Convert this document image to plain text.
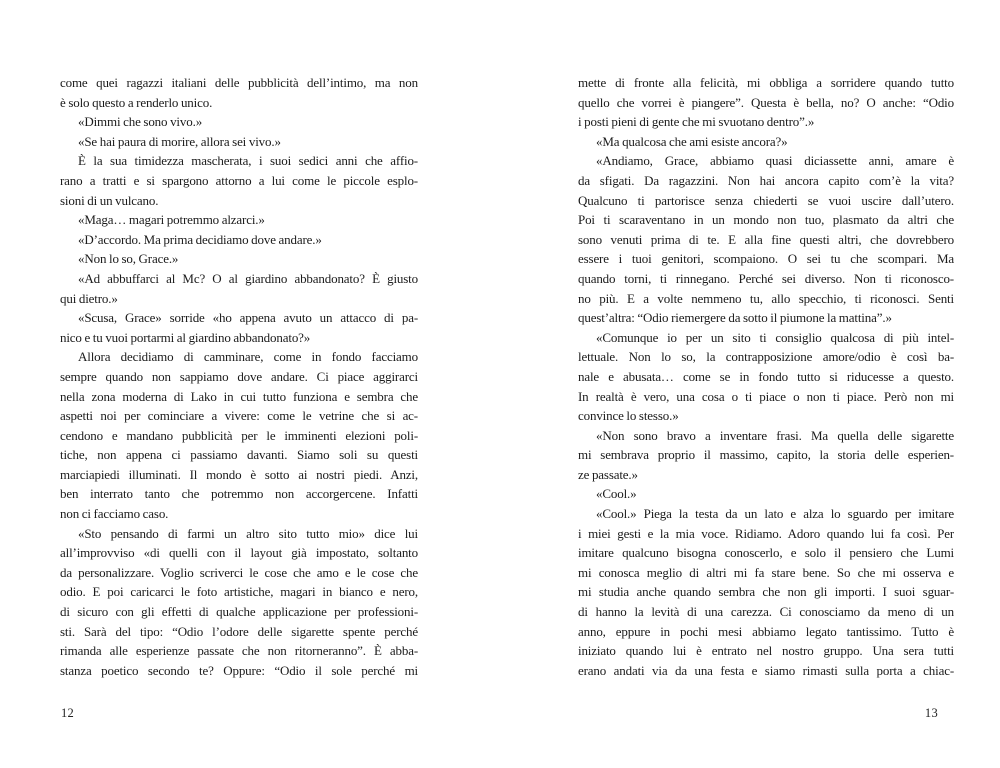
come quei ragazzi italiani delle pubblicità dell’intimo, ma non
è solo questo a renderlo unico.
«Dimmi che sono vivo.»
«Se hai paura di morire, allora sei vivo.»
È la sua timidezza mascherata, i suoi sedici anni che affio-
rano a tratti e si spargono attorno a lui come le piccole esplo-
sioni di un vulcano.
«Maga… magari potremmo alzarci.»
«D’accordo. Ma prima decidiamo dove andare.»
«Non lo so, Grace.»
«Ad abbuffarci al Mc? O al giardino abbandonato? È giusto
qui dietro.»
«Scusa, Grace» sorride «ho appena avuto un attacco di pa-
nico e tu vuoi portarmi al giardino abbandonato?»
Allora decidiamo di camminare, come in fondo facciamo
sempre quando non sappiamo dove andare. Ci piace aggirarci
nella zona moderna di Lako in cui tutto funziona e sembra che
aspetti noi per cominciare a vivere: come le vetrine che si ac-
cendono e mandano pubblicità per le imminenti elezioni poli-
tiche, non appena ci passiamo davanti. Siamo soli su questi
marciapiedi illuminati. Il mondo è sotto ai nostri piedi. Anzi,
ben interrato tanto che potremmo non accorgercene. Infatti
non ci facciamo caso.
«Sto pensando di farmi un altro sito tutto mio» dice lui
all’improvviso «di quelli con il layout già impostato, soltanto
da personalizzare. Voglio scriverci le cose che amo e le cose che
odio. E poi caricarci le foto artistiche, magari in bianco e nero,
di sicuro con gli effetti di qualche applicazione per professioni-
sti. Sarà del tipo: “Odio l’odore delle sigarette spente perché
rimanda alle esperienze passate che non ritorneranno”. È abba-
stanza poetico secondo te? Oppure: “Odio il sole perché mi
12
mette di fronte alla felicità, mi obbliga a sorridere quando tutto
quello che vorrei è piangere”. Questa è bella, no? O anche: “Odio
i posti pieni di gente che mi svuotano dentro”.»
«Ma qualcosa che ami esiste ancora?»
«Andiamo, Grace, abbiamo quasi diciassette anni, amare è
da sfigati. Da ragazzini. Non hai ancora capito com’è la vita?
Qualcuno ti partorisce senza chiederti se vuoi uscire dall’utero.
Poi ti scaraventano in un mondo non tuo, plasmato da altri che
sono venuti prima di te. E alla fine questi altri, che dovrebbero
essere i tuoi genitori, scompaiono. O sei tu che scompari. Ma
quando torni, ti rinnegano. Perché sei diverso. Non ti riconosco-
no più. E a volte nemmeno tu, allo specchio, ti riconosci. Senti
quest’altra: “Odio riemergere da sotto il piumone la mattina”.»
«Comunque io per un sito ti consiglio qualcosa di più intel-
lettuale. Non lo so, la contrapposizione amore/odio è così ba-
nale e abusata… come se in fondo tutto si riducesse a questo.
In realtà è vero, una cosa o ti piace o non ti piace. Però non mi
convince lo stesso.»
«Non sono bravo a inventare frasi. Ma quella delle sigarette
mi sembrava proprio il massimo, capito, la storia delle esperien-
ze passate.»
«Cool.»
«Cool.» Piega la testa da un lato e alza lo sguardo per imitare
i miei gesti e la mia voce. Ridiamo. Adoro quando lui fa così. Per
imitare qualcuno bisogna conoscerlo, e solo il pensiero che Lumi
mi conosca meglio di altri mi fa stare bene. So che mi osserva e
mi studia anche quando sembra che non gli importi. I suoi sguar-
di hanno la levità di una carezza. Ci conosciamo da meno di un
anno, eppure in pochi mesi abbiamo legato tantissimo. Tutto è
iniziato quando lui è entrato nel nostro gruppo. Una sera tutti
erano andati via da una festa e siamo rimasti sulla porta a chiac-
13
